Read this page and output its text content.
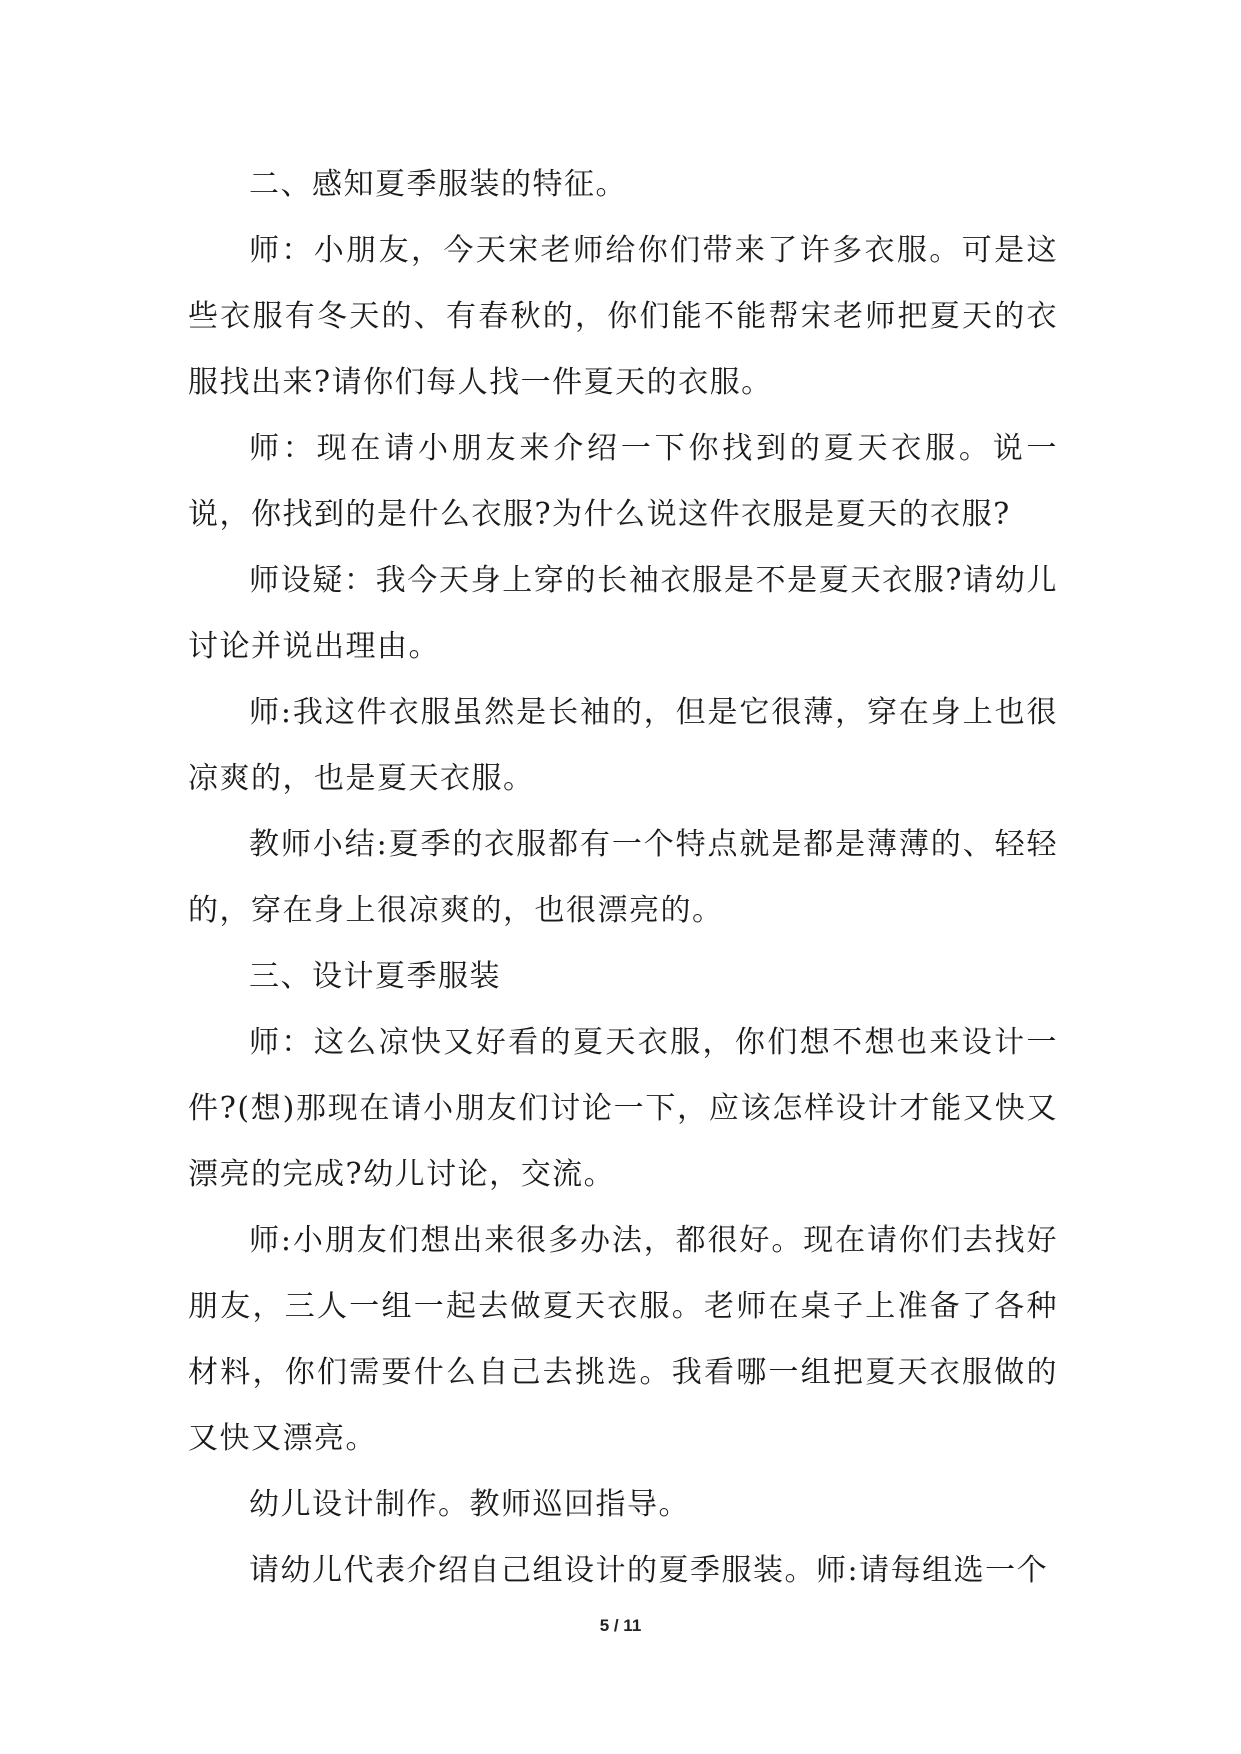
二、感知夏季服装的特征。

师：小朋友，今天宋老师给你们带来了许多衣服。可是这些衣服有冬天的、有春秋的，你们能不能帮宋老师把夏天的衣服找出来?请你们每人找一件夏天的衣服。

师：现在请小朋友来介绍一下你找到的夏天衣服。说一说，你找到的是什么衣服?为什么说这件衣服是夏天的衣服?

师设疑：我今天身上穿的长袖衣服是不是夏天衣服?请幼儿讨论并说出理由。

师:我这件衣服虽然是长袖的，但是它很薄，穿在身上也很凉爽的，也是夏天衣服。

教师小结:夏季的衣服都有一个特点就是都是薄薄的、轻轻的，穿在身上很凉爽的，也很漂亮的。

三、设计夏季服装

师：这么凉快又好看的夏天衣服，你们想不想也来设计一件?(想)那现在请小朋友们讨论一下，应该怎样设计才能又快又漂亮的完成?幼儿讨论，交流。

师:小朋友们想出来很多办法，都很好。现在请你们去找好朋友，三人一组一起去做夏天衣服。老师在桌子上准备了各种材料，你们需要什么自己去挑选。我看哪一组把夏天衣服做的又快又漂亮。

幼儿设计制作。教师巡回指导。

请幼儿代表介绍自己组设计的夏季服装。师:请每组选一个

5 / 11
